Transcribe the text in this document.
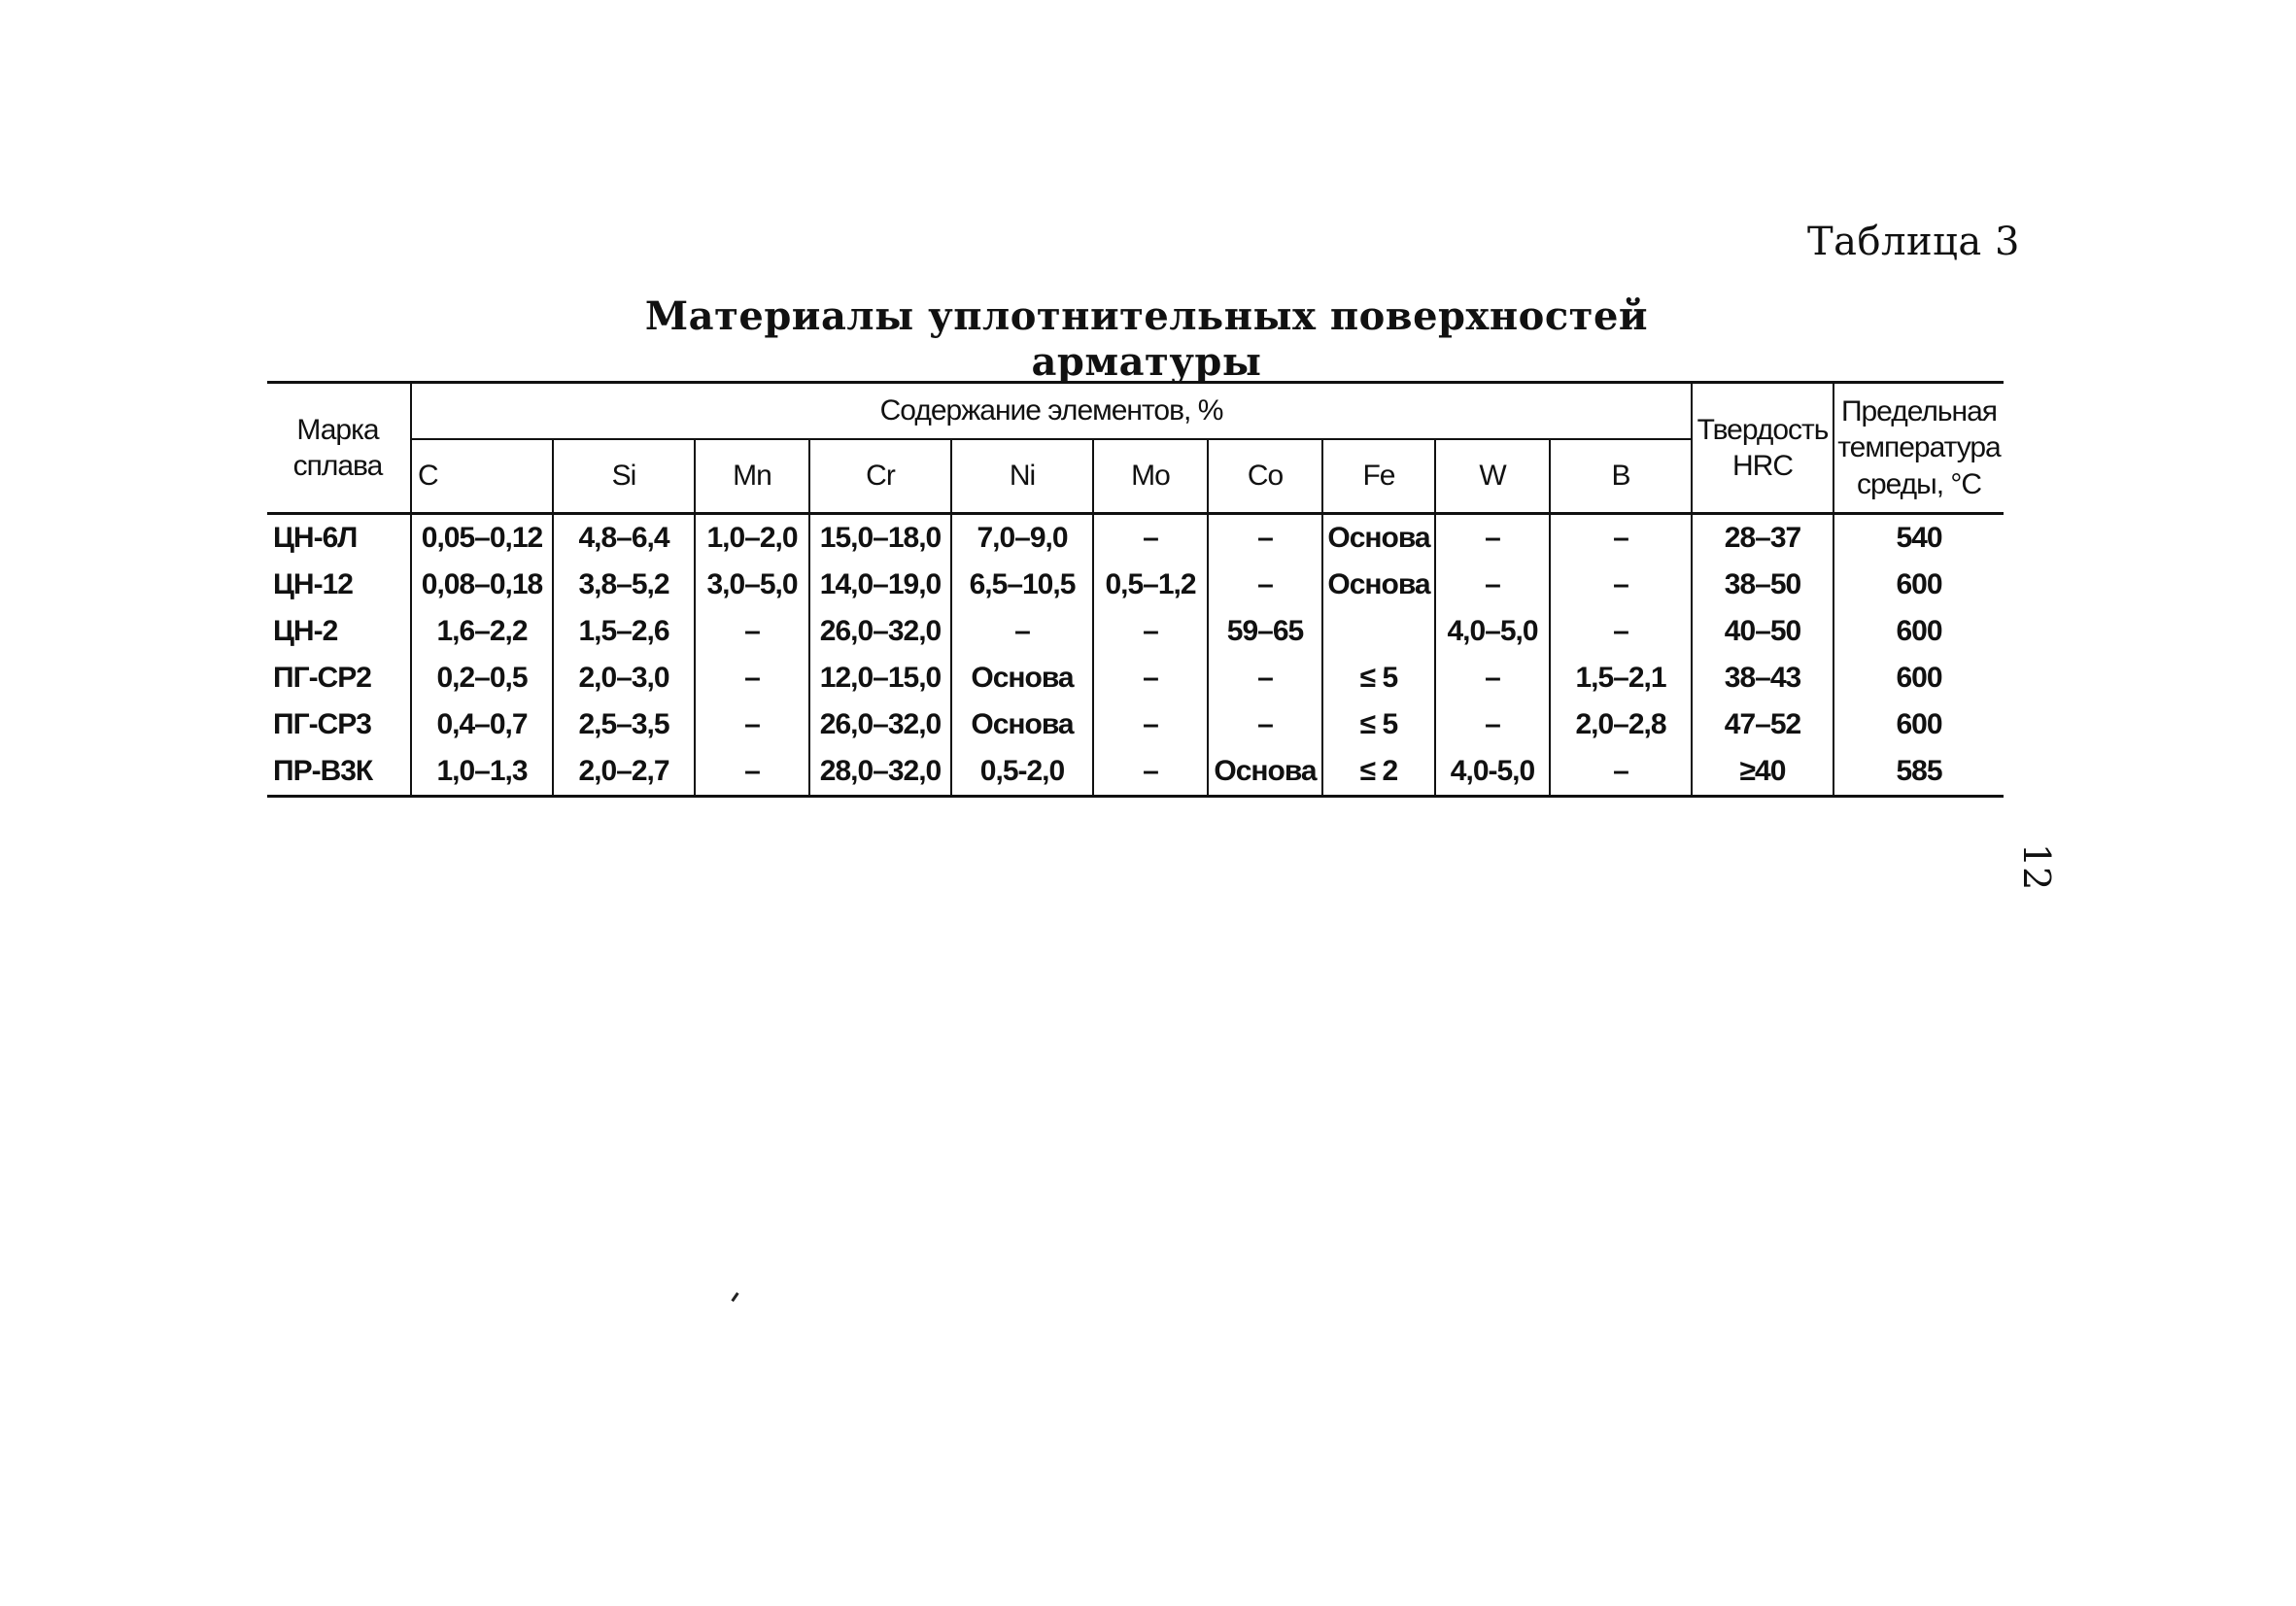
Таблица 3
Материалы уплотнительных поверхностей арматуры
Марка сплава	Содержание элементов, %										Твердость HRC	Предельная температура среды, °С
	C	Si	Mn	Cr	Ni	Mo	Co	Fe	W	B		
ЦН-6Л	0,05–0,12	4,8–6,4	1,0–2,0	15,0–18,0	7,0–9,0	–	–	Основа	–	–	28–37	540
ЦН-12	0,08–0,18	3,8–5,2	3,0–5,0	14,0–19,0	6,5–10,5	0,5–1,2	–	Основа	–	–	38–50	600
ЦН-2	1,6–2,2	1,5–2,6	–	26,0–32,0	–	–	59–65		4,0–5,0	–	40–50	600
ПГ-СР2	0,2–0,5	2,0–3,0	–	12,0–15,0	Основа	–	–	≤ 5	–	1,5–2,1	38–43	600
ПГ-СР3	0,4–0,7	2,5–3,5	–	26,0–32,0	Основа	–	–	≤ 5	–	2,0–2,8	47–52	600
ПР-В3К	1,0–1,3	2,0–2,7	–	28,0–32,0	0,5-2,0	–	Основа	≤ 2	4,0-5,0	–	≥40	585
12
